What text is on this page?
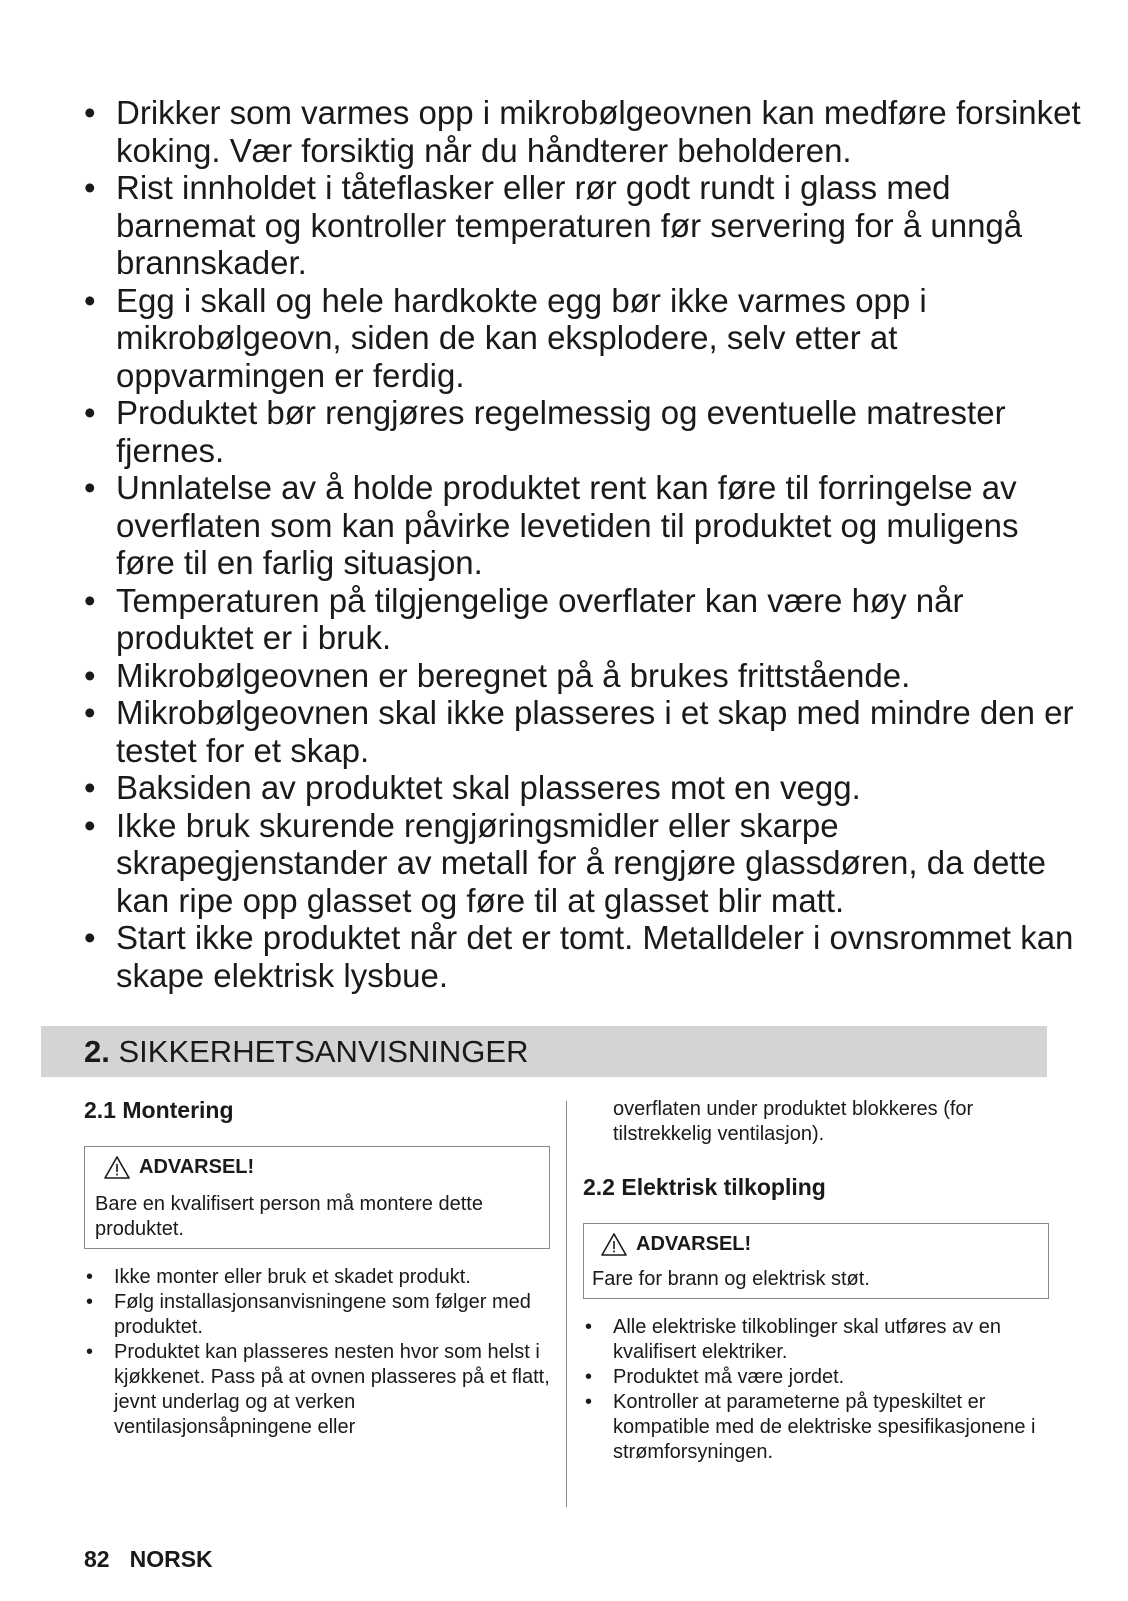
• Drikker som varmes opp i mikrobølgeovnen kan medføre forsinket koking. Vær forsiktig når du håndterer beholderen.
• Rist innholdet i tåteflasker eller rør godt rundt i glass med barnemat og kontroller temperaturen før servering for å unngå brannskader.
• Egg i skall og hele hardkokte egg bør ikke varmes opp i mikrobølgeovn, siden de kan eksplodere, selv etter at oppvarmingen er ferdig.
• Produktet bør rengjøres regelmessig og eventuelle matrester fjernes.
• Unnlatelse av å holde produktet rent kan føre til forringelse av overflaten som kan påvirke levetiden til produktet og muligens føre til en farlig situasjon.
• Temperaturen på tilgjengelige overflater kan være høy når produktet er i bruk.
• Mikrobølgeovnen er beregnet på å brukes frittstående.
• Mikrobølgeovnen skal ikke plasseres i et skap med mindre den er testet for et skap.
• Baksiden av produktet skal plasseres mot en vegg.
• Ikke bruk skurende rengjøringsmidler eller skarpe skrapegjenstander av metall for å rengjøre glassdøren, da dette kan ripe opp glasset og føre til at glasset blir matt.
• Start ikke produktet når det er tomt. Metalldeler i ovnsrommet kan skape elektrisk lysbue.
2. SIKKERHETSANVISNINGER
2.1 Montering
ADVARSEL!
Bare en kvalifisert person må montere dette produktet.
• Ikke monter eller bruk et skadet produkt.
• Følg installasjonsanvisningene som følger med produktet.
• Produktet kan plasseres nesten hvor som helst i kjøkkenet. Pass på at ovnen plasseres på et flatt, jevnt underlag og at verken ventilasjonsåpningene eller

overflaten under produktet blokkeres (for tilstrekkelig ventilasjon).

2.2 Elektrisk tilkopling
ADVARSEL!
Fare for brann og elektrisk støt.
• Alle elektriske tilkoblinger skal utføres av en kvalifisert elektriker.
• Produktet må være jordet.
• Kontroller at parameterne på typeskiltet er kompatible med de elektriske spesifikasjonene i strømforsyningen.
82 NORSK
